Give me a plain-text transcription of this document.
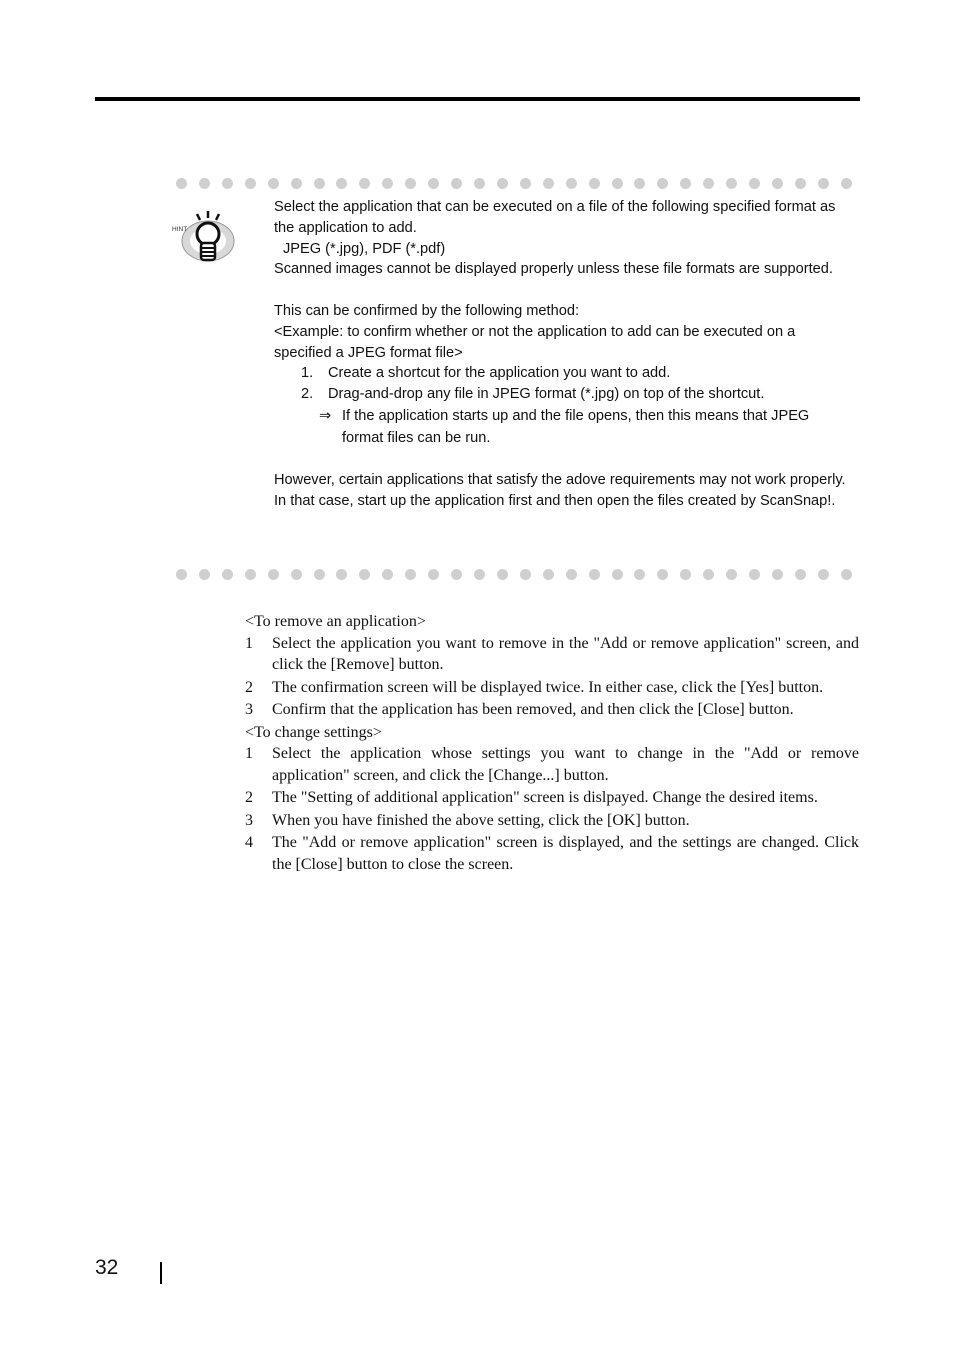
HINT

Select the application that can be executed on a file of the following specified format as the application to add.

JPEG (*.jpg), PDF (*.pdf)

Scanned images cannot be displayed properly unless these file formats are supported.

This can be confirmed by the following method:

<Example: to confirm whether or not the application to add can be executed on a specified a JPEG format file>

1. Create a shortcut for the application you want to add.
2. Drag-and-drop any file in JPEG format (*.jpg) on top of the shortcut.
⇒ If the application starts up and the file opens, then this means that JPEG format files can be run.

However, certain applications that satisfy the adove requirements may not work properly. In that case, start up the application first and then open the files created by ScanSnap!.

<To remove an application>

1 Select the application you want to remove in the "Add or remove application" screen, and click the [Remove] button.
2 The confirmation screen will be displayed twice. In either case, click the [Yes] button.
3 Confirm that the application has been removed, and then click the [Close] button.

<To change settings>

1 Select the application whose settings you want to change in the "Add or remove application" screen, and click the [Change...] button.
2 The "Setting of additional application" screen is dislpayed. Change the desired items.
3 When you have finished the above setting, click the [OK] button.
4 The "Add or remove application" screen is displayed, and the settings are changed. Click the [Close] button to close the screen.
32
